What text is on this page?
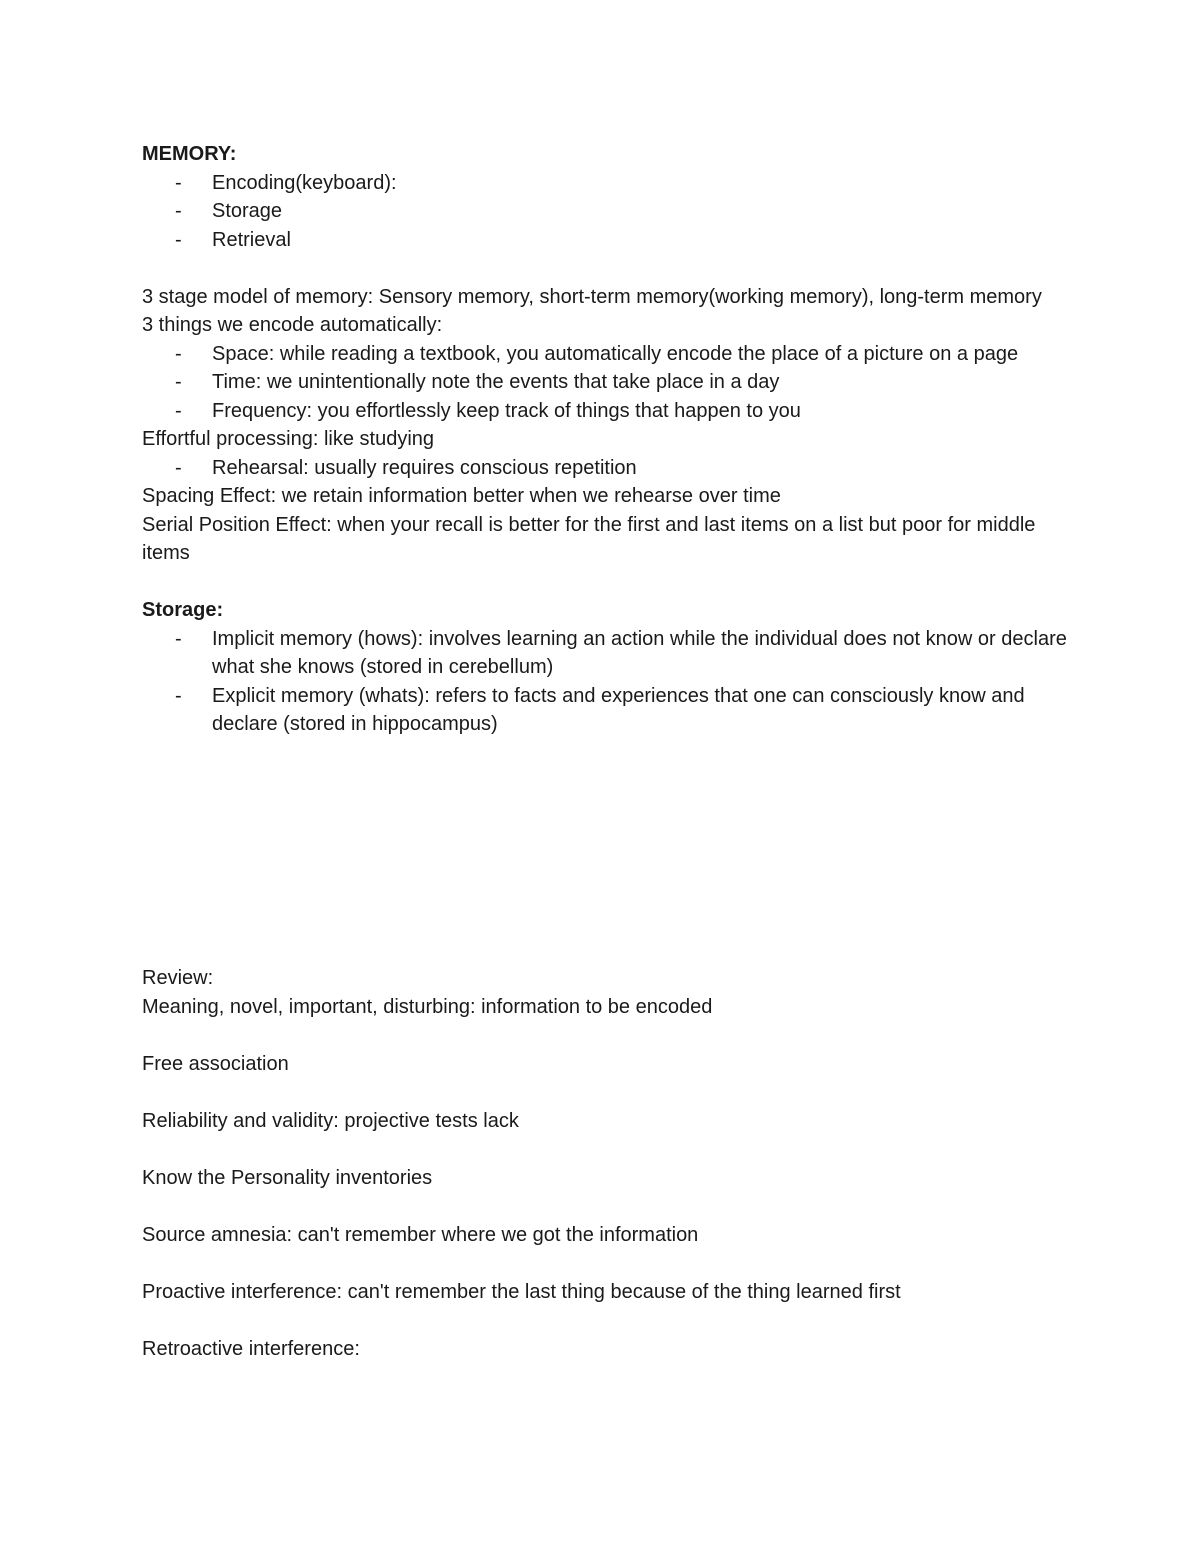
MEMORY:

- Encoding(keyboard):
- Storage
- Retrieval

3 stage model of memory: Sensory memory, short-term memory(working memory), long-term memory

3 things we encode automatically:

- Space: while reading a textbook, you automatically encode the place of a picture on a page
- Time: we unintentionally note the events that take place in a day
- Frequency: you effortlessly keep track of things that happen to you

Effortful processing: like studying

- Rehearsal: usually requires conscious repetition

Spacing Effect: we retain information better when we rehearse over time

Serial Position Effect: when your recall is better for the first and last items on a list but poor for middle items

Storage:

- Implicit memory (hows): involves learning an action while the individual does not know or declare what she knows (stored in cerebellum)
- Explicit memory (whats): refers to facts and experiences that one can consciously know and declare (stored in hippocampus)

Review:

Meaning, novel, important, disturbing: information to be encoded

Free association

Reliability and validity: projective tests lack

Know the Personality inventories

Source amnesia: can't remember where we got the information

Proactive interference: can't remember the last thing because of the thing learned first

Retroactive interference:
